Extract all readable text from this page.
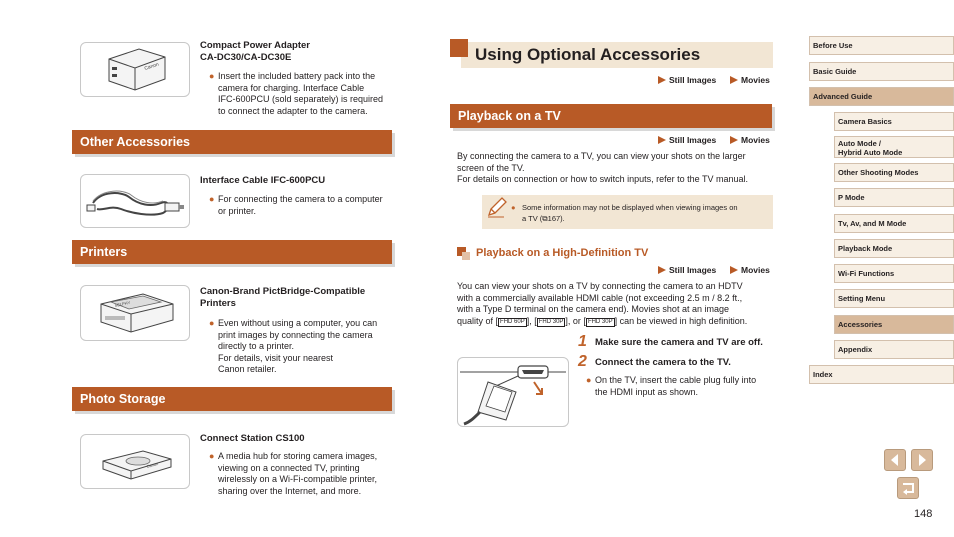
Canon
Compact Power Adapter
CA-DC30/CA-DC30E
● Insert the included battery pack into the
camera for charging. Interface Cable
IFC-600PCU (sold separately) is required
to connect the adapter to the camera.
Other Accessories
Interface Cable IFC-600PCU
● For connecting the camera to a computer
or printer.
Printers
SELPHY
Canon-Brand PictBridge-Compatible
Printers
● Even without using a computer, you can
print images by connecting the camera
directly to a printer.
For details, visit your nearest
Canon retailer.
Photo Storage
Canon
Connect Station CS100
● A media hub for storing camera images,
viewing on a connected TV, printing
wirelessly on a Wi-Fi-compatible printer,
sharing over the Internet, and more.
Using Optional Accessories
Still Images	Movies
Playback on a TV
Still Images	Movies
By connecting the camera to a TV, you can view your shots on the larger
screen of the TV.
For details on connection or how to switch inputs, refer to the TV manual.
● Some information may not be displayed when viewing images on
a TV (⧉167).
Playback on a High-Definition TV
Still Images	Movies
You can view your shots on a TV by connecting the camera to an HDTV
with a commercially available HDMI cable (not exceeding 2.5 m / 8.2 ft.,
with a Type D terminal on the camera end). Movies shot at an image
quality of [ FHD 60P ], [ FHD 30P ], or [ FHD 30P ] can be viewed in high definition.
1 Make sure the camera and TV are off.
2 Connect the camera to the TV.
● On the TV, insert the cable plug fully into
the HDMI input as shown.
Before Use
Basic Guide
Advanced Guide
Camera Basics
Auto Mode /
Hybrid Auto Mode
Other Shooting Modes
P Mode
Tv, Av, and M Mode
Playback Mode
Wi-Fi Functions
Setting Menu
Accessories
Appendix
Index
148
